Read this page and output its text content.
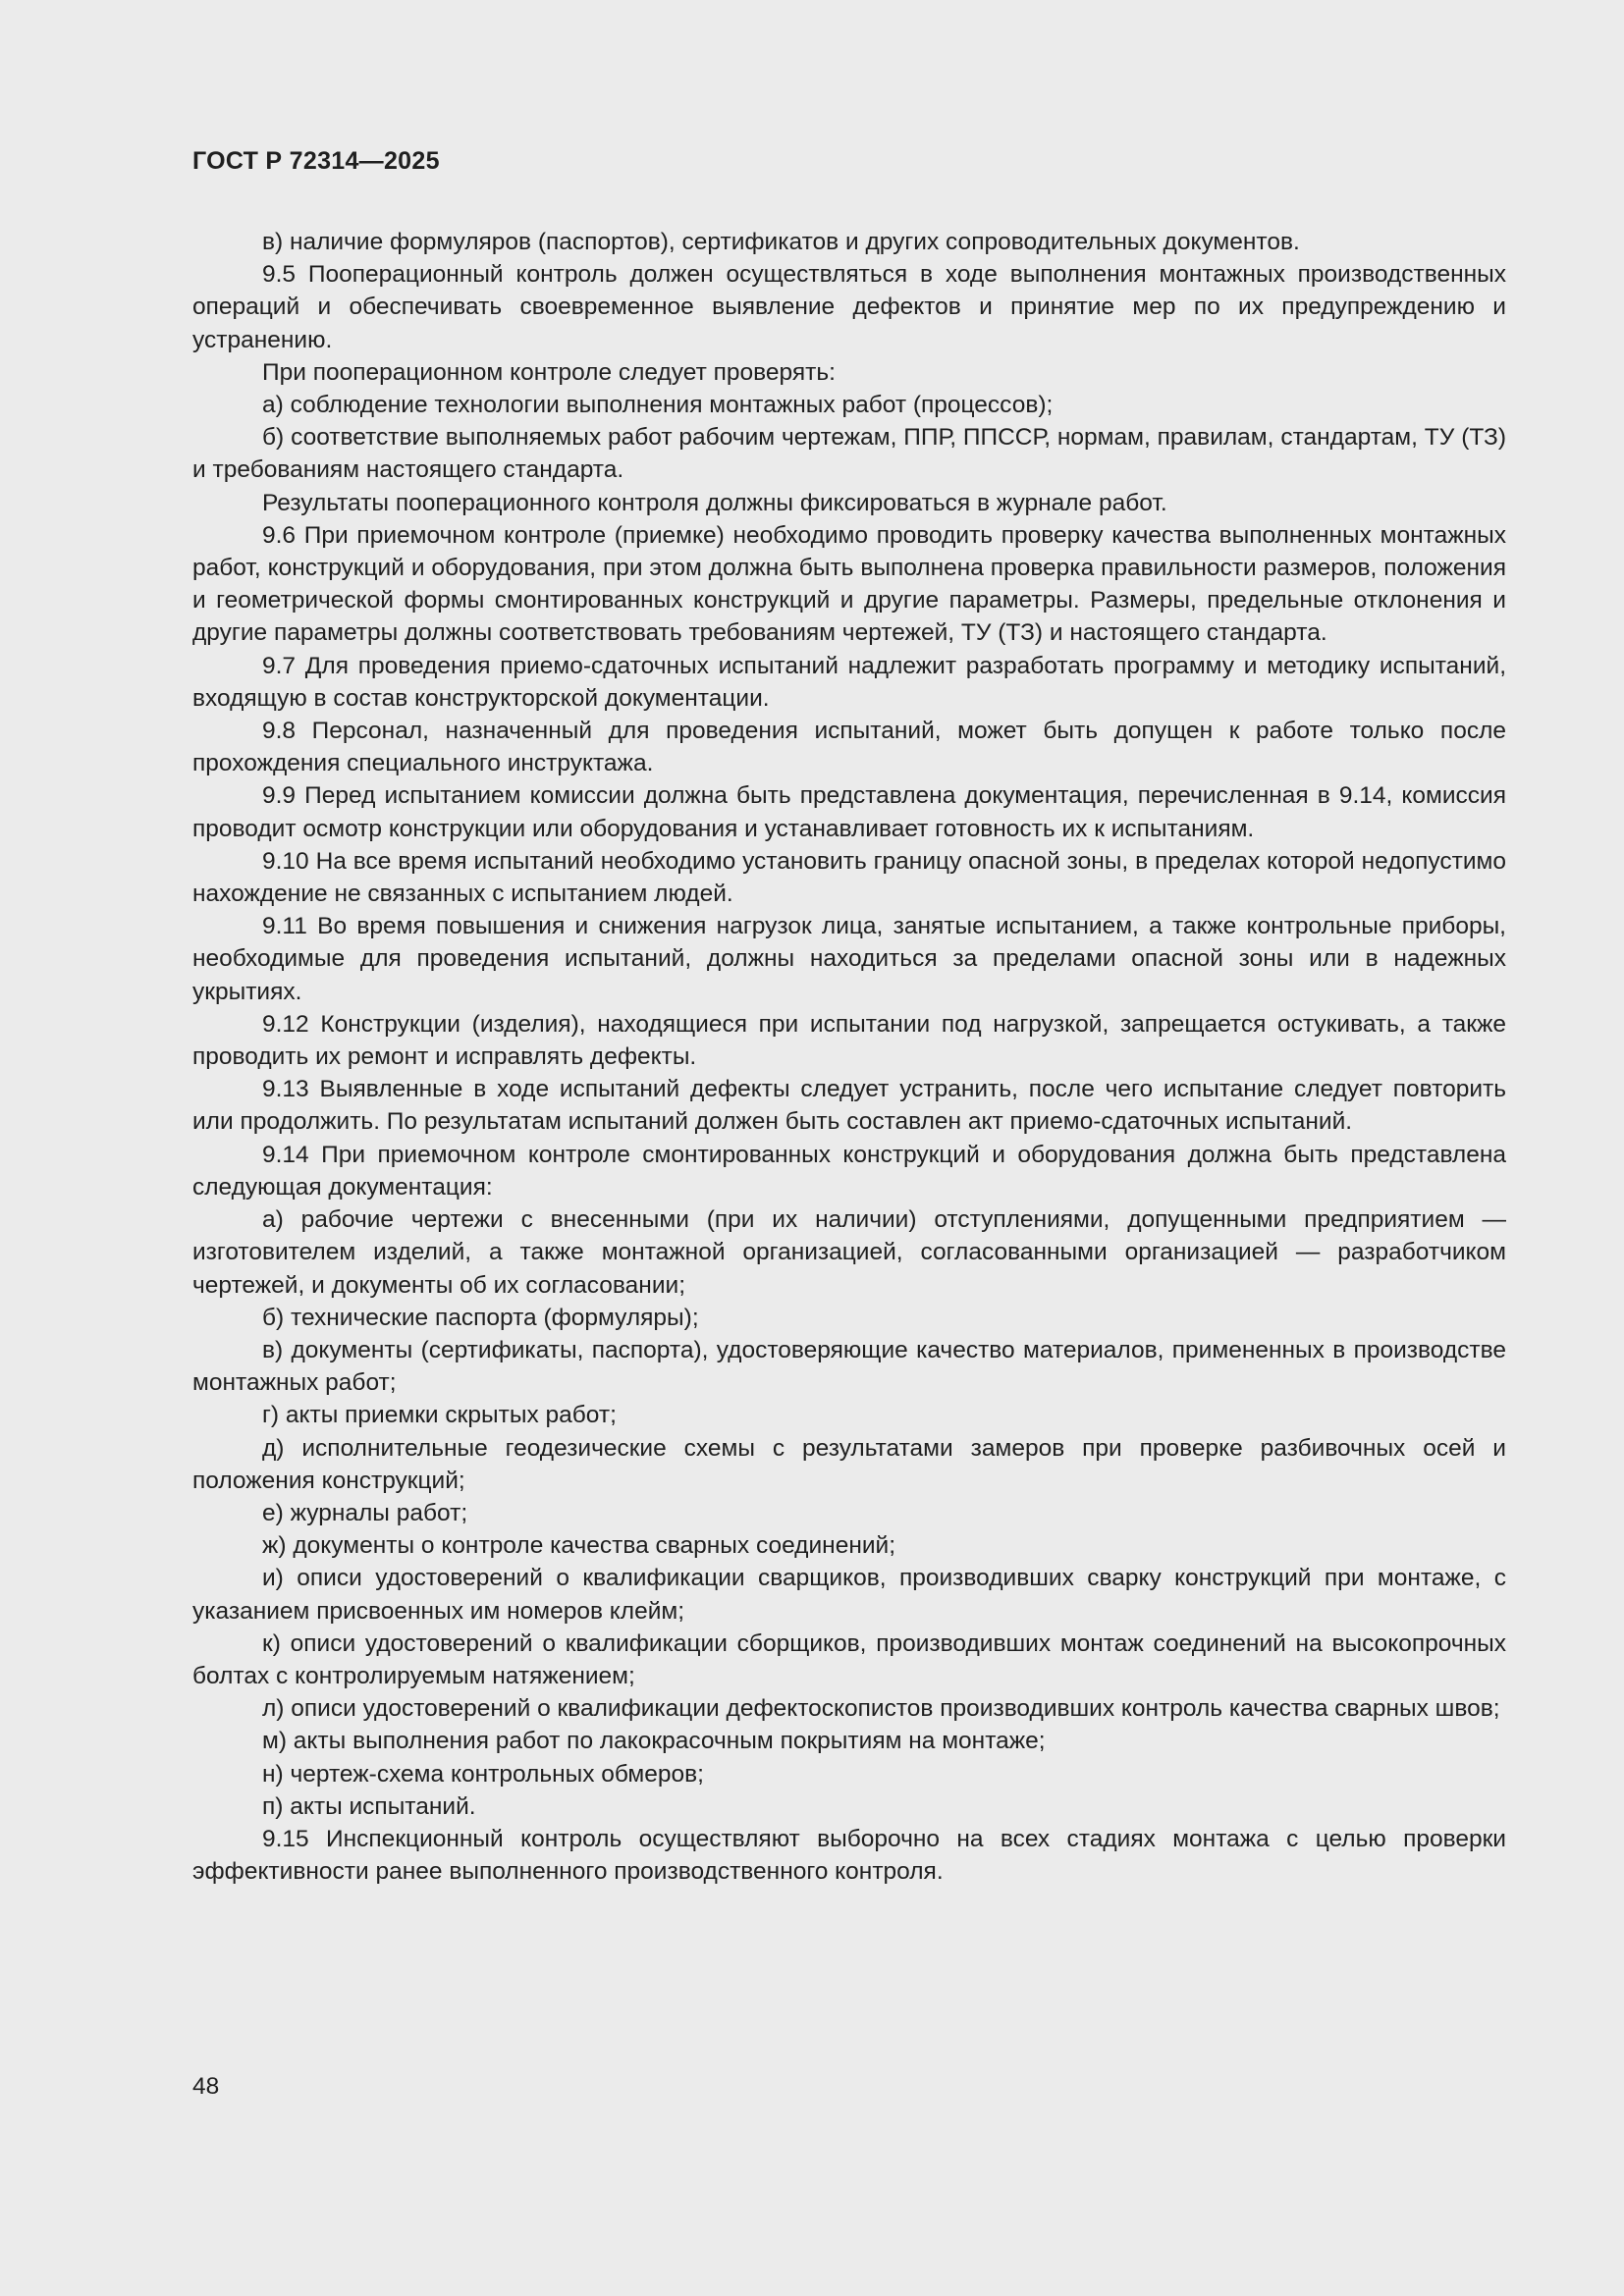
ГОСТ Р 72314—2025

в) наличие формуляров (паспортов), сертификатов и других сопроводительных документов.

9.5 Пооперационный контроль должен осуществляться в ходе выполнения монтажных производственных операций и обеспечивать своевременное выявление дефектов и принятие мер по их предупреждению и устранению.

При пооперационном контроле следует проверять:

а) соблюдение технологии выполнения монтажных работ (процессов);

б) соответствие выполняемых работ рабочим чертежам, ППР, ППССР, нормам, правилам, стандартам, ТУ (ТЗ) и требованиям настоящего стандарта.

Результаты пооперационного контроля должны фиксироваться в журнале работ.

9.6 При приемочном контроле (приемке) необходимо проводить проверку качества выполненных монтажных работ, конструкций и оборудования, при этом должна быть выполнена проверка правильности размеров, положения и геометрической формы смонтированных конструкций и другие параметры. Размеры, предельные отклонения и другие параметры должны соответствовать требованиям чертежей, ТУ (ТЗ) и настоящего стандарта.

9.7 Для проведения приемо-сдаточных испытаний надлежит разработать программу и методику испытаний, входящую в состав конструкторской документации.

9.8 Персонал, назначенный для проведения испытаний, может быть допущен к работе только после прохождения специального инструктажа.

9.9 Перед испытанием комиссии должна быть представлена документация, перечисленная в 9.14, комиссия проводит осмотр конструкции или оборудования и устанавливает готовность их к испытаниям.

9.10 На все время испытаний необходимо установить границу опасной зоны, в пределах которой недопустимо нахождение не связанных с испытанием людей.

9.11 Во время повышения и снижения нагрузок лица, занятые испытанием, а также контрольные приборы, необходимые для проведения испытаний, должны находиться за пределами опасной зоны или в надежных укрытиях.

9.12 Конструкции (изделия), находящиеся при испытании под нагрузкой, запрещается остукивать, а также проводить их ремонт и исправлять дефекты.

9.13 Выявленные в ходе испытаний дефекты следует устранить, после чего испытание следует повторить или продолжить. По результатам испытаний должен быть составлен акт приемо-сдаточных испытаний.

9.14 При приемочном контроле смонтированных конструкций и оборудования должна быть представлена следующая документация:

а) рабочие чертежи с внесенными (при их наличии) отступлениями, допущенными предприятием — изготовителем изделий, а также монтажной организацией, согласованными организацией — разработчиком чертежей, и документы об их согласовании;

б) технические паспорта (формуляры);

в) документы (сертификаты, паспорта), удостоверяющие качество материалов, примененных в производстве монтажных работ;

г) акты приемки скрытых работ;

д) исполнительные геодезические схемы с результатами замеров при проверке разбивочных осей и положения конструкций;

е) журналы работ;

ж) документы о контроле качества сварных соединений;

и) описи удостоверений о квалификации сварщиков, производивших сварку конструкций при монтаже, с указанием присвоенных им номеров клейм;

к) описи удостоверений о квалификации сборщиков, производивших монтаж соединений на высокопрочных болтах с контролируемым натяжением;

л) описи удостоверений о квалификации дефектоскопистов производивших контроль качества сварных швов;

м) акты выполнения работ по лакокрасочным покрытиям на монтаже;

н) чертеж-схема контрольных обмеров;

п) акты испытаний.

9.15 Инспекционный контроль осуществляют выборочно на всех стадиях монтажа с целью проверки эффективности ранее выполненного производственного контроля.

48
